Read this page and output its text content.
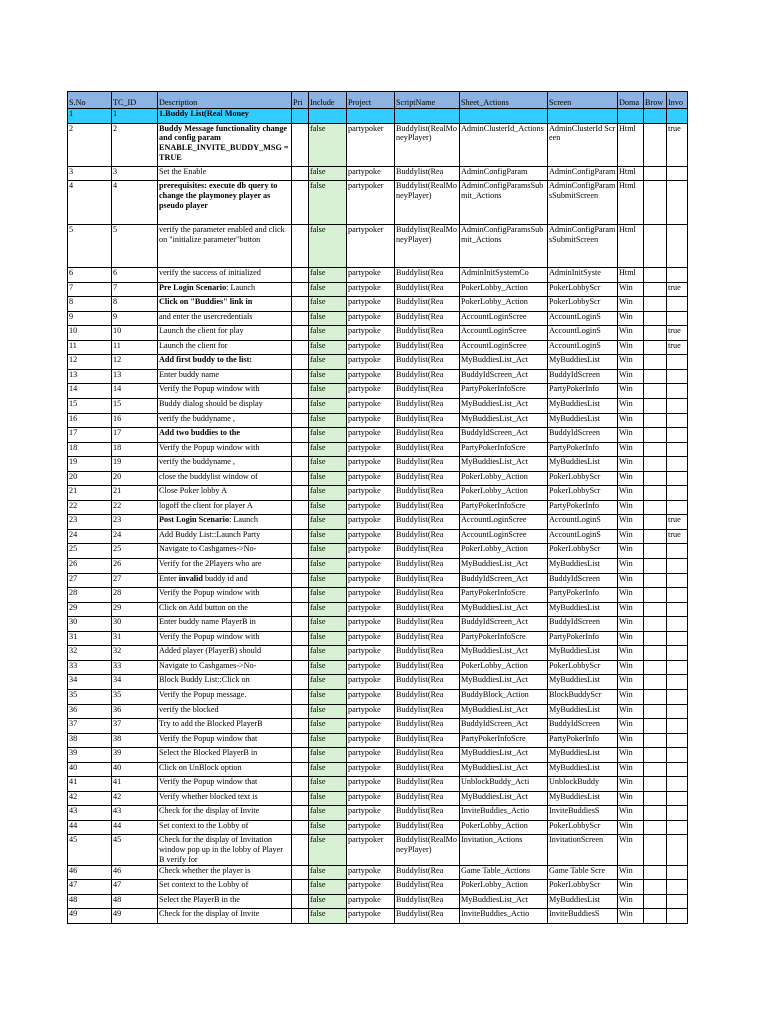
S.No	TC_ID	Description	Pri	Include	Project	ScriptName	Sheet_Actions	Screen	Doma	Brow	Invo
1	1	1.Buddy List(Real Money									
2	2	Buddy Message functionality change and config param ENABLE_INVITE_BUDDY_MSG = TRUE		false	partypoker	Buddylist(RealMoneyPlayer)	AdminClusterId_Actions	AdminClusterId Screen	Html		true
3	3	Set the Enable		false	partypoke	Buddylist(Rea	AdminConfigParam	AdminConfigParam	Html		
4	4	prerequisites: execute db query to change the playmoney player as pseudo player		false	partypoker	Buddylist(RealMoneyPlayer)	AdminConfigParamsSubmit_Actions	AdminConfigParamsSubmitScreen	Html		
5	5	verify the parameter enabled and click on "initialize parameter"button		false	partypoker	Buddylist(RealMoneyPlayer)	AdminConfigParamsSubmit_Actions	AdminConfigParamsSubmitScreen	Html		
6	6	verify the success of initialized		false	partypoke	Buddylist(Rea	AdminInitSystemCo	AdminInitSyste	Html		
7	7	Pre Login Scenario: Launch		false	partypoke	Buddylist(Rea	PokerLobby_Action	PokerLobbyScr	Win		true
8	8	Click on "Buddies" link in		false	partypoke	Buddylist(Rea	PokerLobby_Action	PokerLobbyScr	Win		
9	9	and enter the usercredentials		false	partypoke	Buddylist(Rea	AccountLoginScree	AccountLoginS	Win		
10	10	Launch the client for play		false	partypoke	Buddylist(Rea	AccountLoginScree	AccountLoginS	Win		true
11	11	Launch the client for		false	partypoke	Buddylist(Rea	AccountLoginScree	AccountLoginS	Win		true
12	12	Add first buddy to the list:		false	partypoke	Buddylist(Rea	MyBuddiesList_Act	MyBuddiesList	Win		
13	13	Enter buddy name		false	partypoke	Buddylist(Rea	BuddyIdScreen_Act	BuddyIdScreen	Win		
14	14	Verify the Popup window with		false	partypoke	Buddylist(Rea	PartyPokerInfoScre	PartyPokerInfo	Win		
15	15	Buddy dialog should be display		false	partypoke	Buddylist(Rea	MyBuddiesList_Act	MyBuddiesList	Win		
16	16	verify the buddyname ,		false	partypoke	Buddylist(Rea	MyBuddiesList_Act	MyBuddiesList	Win		
17	17	Add two buddies to the		false	partypoke	Buddylist(Rea	BuddyIdScreen_Act	BuddyIdScreen	Win		
18	18	Verify the Popup window with		false	partypoke	Buddylist(Rea	PartyPokerInfoScre	PartyPokerInfo	Win		
19	19	verify the buddyname ,		false	partypoke	Buddylist(Rea	MyBuddiesList_Act	MyBuddiesList	Win		
20	20	close the buddylist window of		false	partypoke	Buddylist(Rea	PokerLobby_Action	PokerLobbyScr	Win		
21	21	Close Poker lobby A		false	partypoke	Buddylist(Rea	PokerLobby_Action	PokerLobbyScr	Win		
22	22	logoff the client for player A		false	partypoke	Buddylist(Rea	PartyPokerInfoScre	PartyPokerInfo	Win		
23	23	Post Login Scenario: Launch		false	partypoke	Buddylist(Rea	AccountLoginScree	AccountLoginS	Win		true
24	24	Add Buddy List::Launch Party		false	partypoke	Buddylist(Rea	AccountLoginScree	AccountLoginS	Win		true
25	25	Navigate to Cashgames->No-		false	partypoke	Buddylist(Rea	PokerLobby_Action	PokerLobbyScr	Win		
26	26	Verify for the 2Players who are		false	partypoke	Buddylist(Rea	MyBuddiesList_Act	MyBuddiesList	Win		
27	27	Enter invalid buddy id and		false	partypoke	Buddylist(Rea	BuddyIdScreen_Act	BuddyIdScreen	Win		
28	28	Verify the Popup window with		false	partypoke	Buddylist(Rea	PartyPokerInfoScre	PartyPokerInfo	Win		
29	29	Click on Add button on the		false	partypoke	Buddylist(Rea	MyBuddiesList_Act	MyBuddiesList	Win		
30	30	Enter buddy name PlayerB in		false	partypoke	Buddylist(Rea	BuddyIdScreen_Act	BuddyIdScreen	Win		
31	31	Verify the Popup window with		false	partypoke	Buddylist(Rea	PartyPokerInfoScre	PartyPokerInfo	Win		
32	32	Added player (PlayerB) should		false	partypoke	Buddylist(Rea	MyBuddiesList_Act	MyBuddiesList	Win		
33	33	Navigate to Cashgames->No-		false	partypoke	Buddylist(Rea	PokerLobby_Action	PokerLobbyScr	Win		
34	34	Block Buddy List::Click on		false	partypoke	Buddylist(Rea	MyBuddiesList_Act	MyBuddiesList	Win		
35	35	Verify the Popup message.		false	partypoke	Buddylist(Rea	BuddyBlock_Action	BlockBuddyScr	Win		
36	36	verify the blocked		false	partypoke	Buddylist(Rea	MyBuddiesList_Act	MyBuddiesList	Win		
37	37	Try to add the Blocked PlayerB		false	partypoke	Buddylist(Rea	BuddyIdScreen_Act	BuddyIdScreen	Win		
38	38	Verify the Popup window that		false	partypoke	Buddylist(Rea	PartyPokerInfoScre	PartyPokerInfo	Win		
39	39	Select the Blocked PlayerB in		false	partypoke	Buddylist(Rea	MyBuddiesList_Act	MyBuddiesList	Win		
40	40	Click on UnBlock option		false	partypoke	Buddylist(Rea	MyBuddiesList_Act	MyBuddiesList	Win		
41	41	Verify the Popup window that		false	partypoke	Buddylist(Rea	UnblockBuddy_Acti	UnblockBuddy	Win		
42	42	Verify whether blocked text is		false	partypoke	Buddylist(Rea	MyBuddiesList_Act	MyBuddiesList	Win		
43	43	Check for the display of Invite		false	partypoke	Buddylist(Rea	InviteBuddies_Actio	InviteBuddiesS	Win		
44	44	Set context to the Lobby of		false	partypoke	Buddylist(Rea	PokerLobby_Action	PokerLobbyScr	Win		
45	45	Check for the display of Invitation window pop up in the lobby of Player B verify for		false	partypoker	Buddylist(RealMoneyPlayer)	Invitation_Actions	InvitationScreen	Win		
46	46	Check whether the player is		false	partypoke	Buddylist(Rea	Game Table_Actions	Game Table Scre	Win		
47	47	Set context to the Lobby of		false	partypoke	Buddylist(Rea	PokerLobby_Action	PokerLobbyScr	Win		
48	48	Select the PlayerB in the		false	partypoke	Buddylist(Rea	MyBuddiesList_Act	MyBuddiesList	Win		
49	49	Check for the display of Invite		false	partypoke	Buddylist(Rea	InviteBuddies_Actio	InviteBuddiesS	Win		
